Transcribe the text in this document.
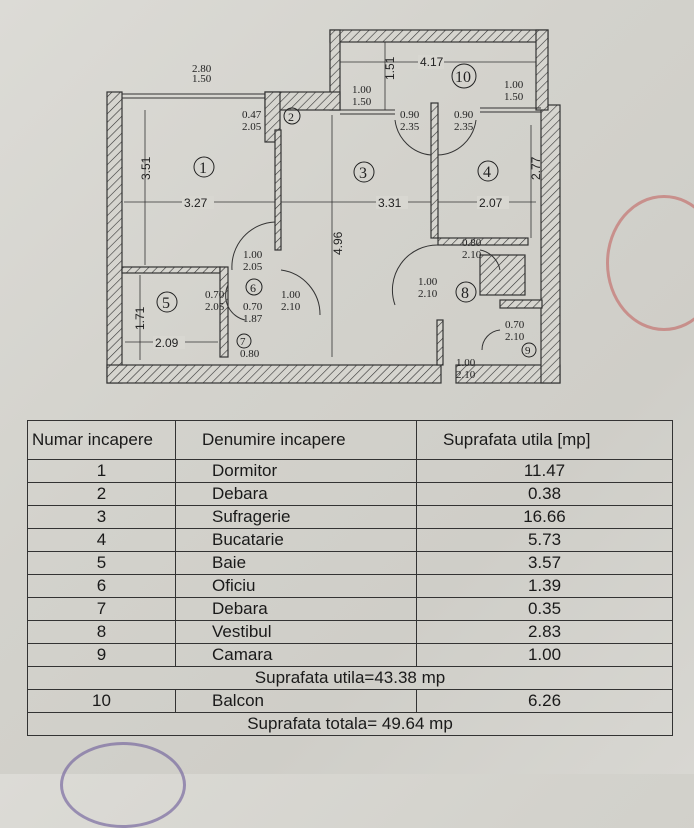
2.80
1.50
0.47
2.05
1.00
1.50
1.51 4.17
1.00
1.50
0.90
2.35
0.90
2.35
3.51
3.27	3.31	2.07
4.96
2.77
1.00
2.05
0.70
2.05 0.70
1.87
1.00
2.10
0.80
2.10
1.00
2.10
0.70
2.10
1.00
2.10
1.71
2.09
0.80
1
2
3	4
5
6
7
8
9
10
Numar incapere	Denumire incapere	Suprafata utila [mp]
1	Dormitor	11.47
2	Debara	0.38
3	Sufragerie	16.66
4	Bucatarie	5.73
5	Baie	3.57
6	Oficiu	1.39
7	Debara	0.35
8	Vestibul	2.83
9	Camara	1.00
Suprafata utila=43.38 mp		
10	Balcon	6.26
Suprafata totala= 49.64 mp		
